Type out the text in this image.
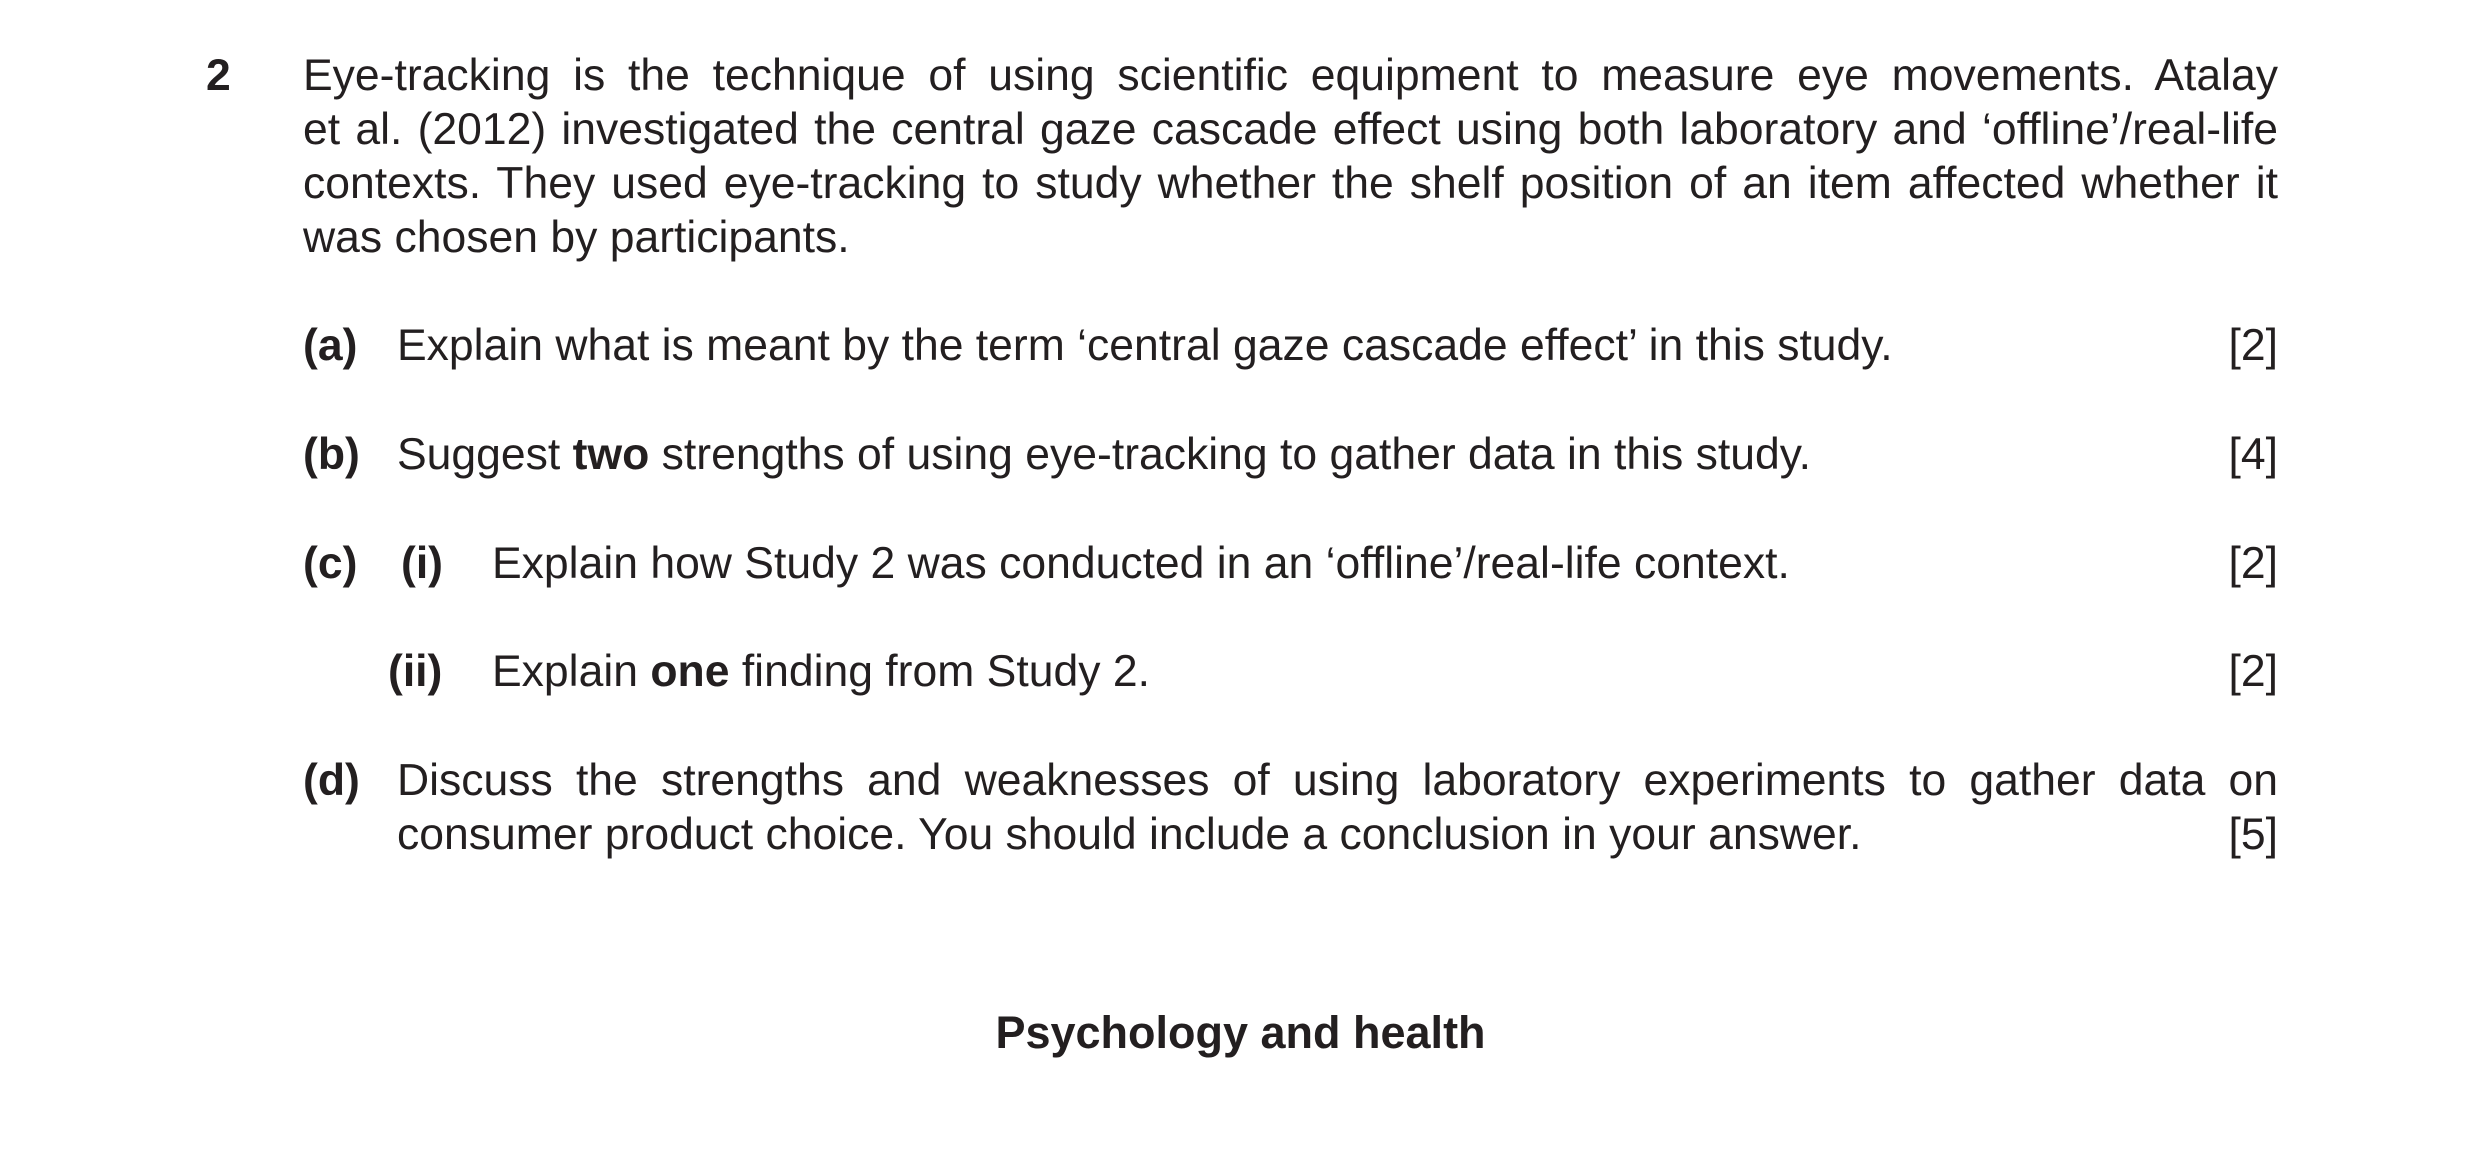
2 Eye-tracking is the technique of using scientific equipment to measure eye movements. Atalay
et al. (2012) investigated the central gaze cascade effect using both laboratory and ‘offline’/real-life
contexts. They used eye-tracking to study whether the shelf position of an item affected whether it
was chosen by participants.
(a) Explain what is meant by the term ‘central gaze cascade effect’ in this study.	[2]
(b) Suggest two strengths of using eye-tracking to gather data in this study.	[4]
(c) (i) Explain how Study 2 was conducted in an ‘offline’/real-life context.	[2]
(ii) Explain one finding from Study 2.	[2]
(d) Discuss the strengths and weaknesses of using laboratory experiments to gather data on
consumer product choice. You should include a conclusion in your answer.	[5]
Psychology and health
